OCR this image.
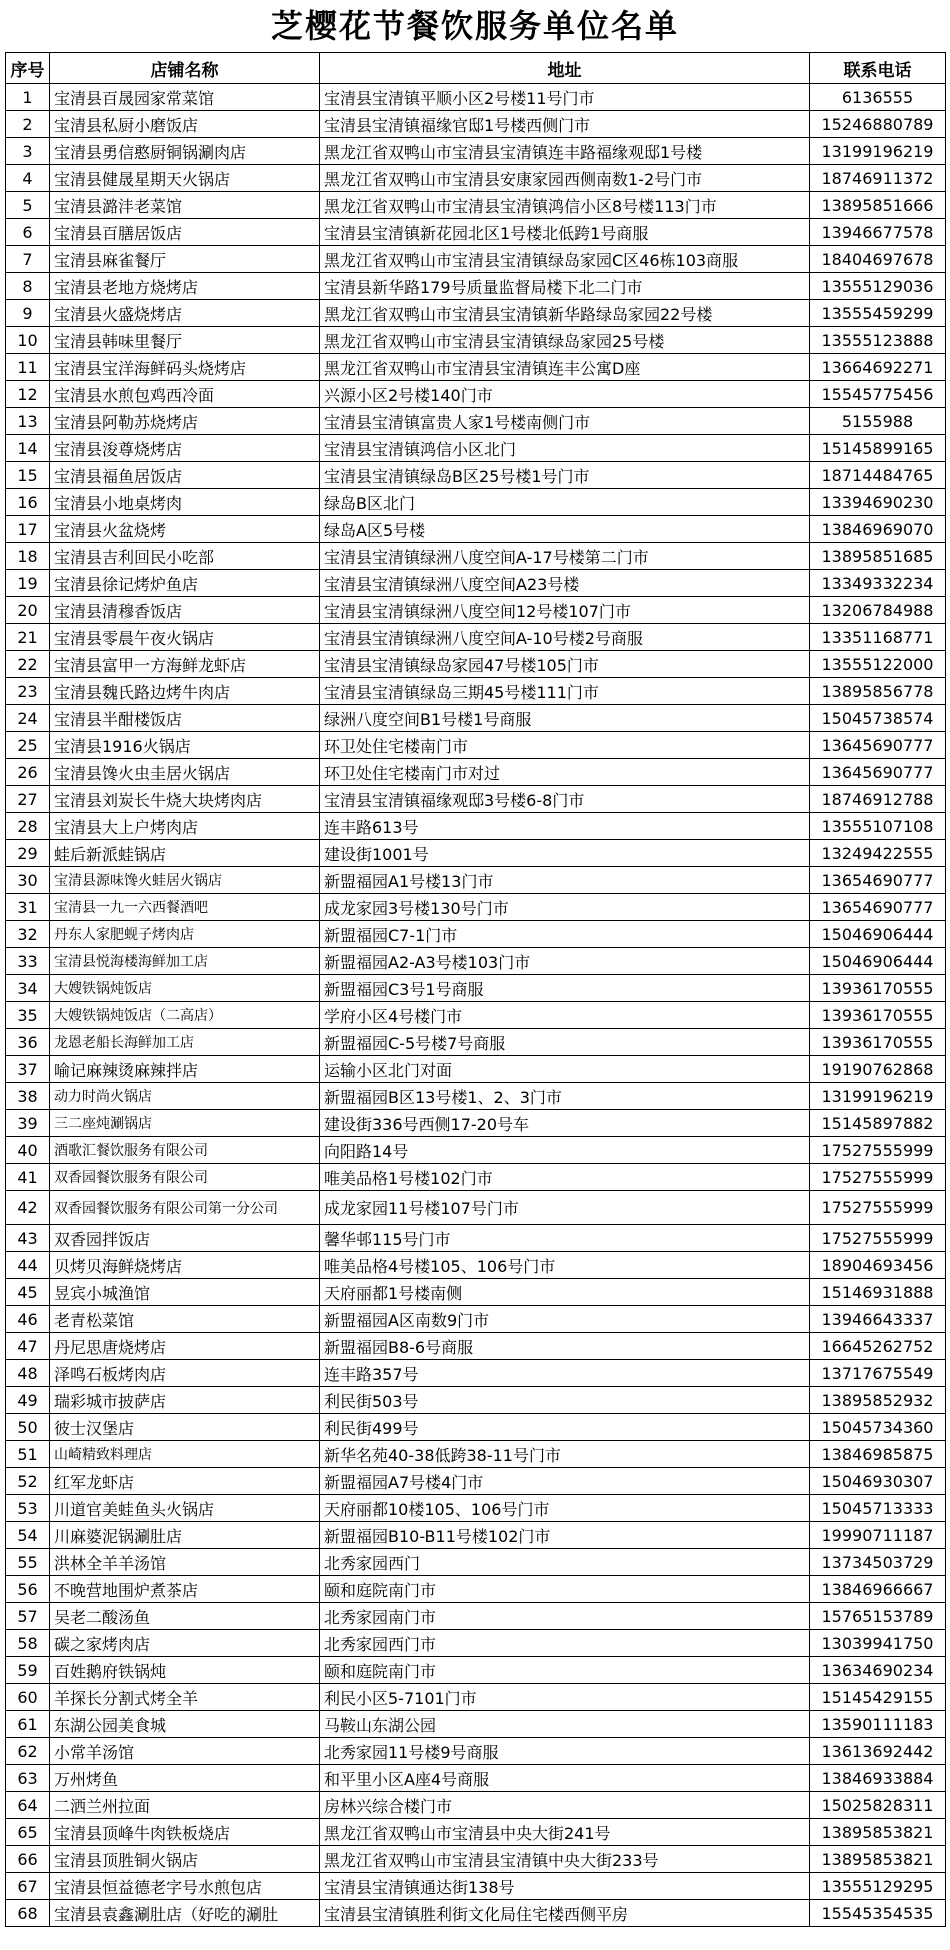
芝樱花节餐饮服务单位名单
序号	店铺名称	地址	联系电话
1	宝清县百晟园家常菜馆	宝清县宝清镇平顺小区2号楼11号门市	6136555
2	宝清县私厨小磨饭店	宝清县宝清镇福缘官邸1号楼西侧门市	15246880789
3	宝清县勇信憨厨铜锅涮肉店	黑龙江省双鸭山市宝清县宝清镇连丰路福缘观邸1号楼	13199196219
4	宝清县健晟星期天火锅店	黑龙江省双鸭山市宝清县安康家园西侧南数1-2号门市	18746911372
5	宝清县潞沣老菜馆	黑龙江省双鸭山市宝清县宝清镇鸿信小区8号楼113门市	13895851666
6	宝清县百膳居饭店	宝清县宝清镇新花园北区1号楼北低跨1号商服	13946677578
7	宝清县麻雀餐厅	黑龙江省双鸭山市宝清县宝清镇绿岛家园C区46栋103商服	18404697678
8	宝清县老地方烧烤店	宝清县新华路179号质量监督局楼下北二门市	13555129036
9	宝清县火盛烧烤店	黑龙江省双鸭山市宝清县宝清镇新华路绿岛家园22号楼	13555459299
10	宝清县韩味里餐厅	黑龙江省双鸭山市宝清县宝清镇绿岛家园25号楼	13555123888
11	宝清县宝洋海鲜码头烧烤店	黑龙江省双鸭山市宝清县宝清镇连丰公寓D座	13664692271
12	宝清县水煎包鸡西冷面	兴源小区2号楼140门市	15545775456
13	宝清县阿勒苏烧烤店	宝清县宝清镇富贵人家1号楼南侧门市	5155988
14	宝清县浚尊烧烤店	宝清县宝清镇鸿信小区北门	15145899165
15	宝清县福鱼居饭店	宝清县宝清镇绿岛B区25号楼1号门市	18714484765
16	宝清县小地桌烤肉	绿岛B区北门	13394690230
17	宝清县火盆烧烤	绿岛A区5号楼	13846969070
18	宝清县吉利回民小吃部	宝清县宝清镇绿洲八度空间A-17号楼第二门市	13895851685
19	宝清县徐记烤炉鱼店	宝清县宝清镇绿洲八度空间A23号楼	13349332234
20	宝清县清穆香饭店	宝清县宝清镇绿洲八度空间12号楼107门市	13206784988
21	宝清县零晨午夜火锅店	宝清县宝清镇绿洲八度空间A-10号楼2号商服	13351168771
22	宝清县富甲一方海鲜龙虾店	宝清县宝清镇绿岛家园47号楼105门市	13555122000
23	宝清县魏氏路边烤牛肉店	宝清县宝清镇绿岛三期45号楼111门市	13895856778
24	宝清县半酣楼饭店	绿洲八度空间B1号楼1号商服	15045738574
25	宝清县1916火锅店	环卫处住宅楼南门市	13645690777
26	宝清县馋火虫圭居火锅店	环卫处住宅楼南门市对过	13645690777
27	宝清县刘炭长牛烧大块烤肉店	宝清县宝清镇福缘观邸3号楼6-8门市	18746912788
28	宝清县大上户烤肉店	连丰路613号	13555107108
29	蛙后新派蛙锅店	建设街1001号	13249422555
30	宝清县源味馋火蛙居火锅店	新盟福园A1号楼13门市	13654690777
31	宝清县一九一六西餐酒吧	成龙家园3号楼130号门市	13654690777
32	丹东人家肥蚬子烤肉店	新盟福园C7-1门市	15046906444
33	宝清县悦海楼海鲜加工店	新盟福园A2-A3号楼103门市	15046906444
34	大嫂铁锅炖饭店	新盟福园C3号1号商服	13936170555
35	大嫂铁锅炖饭店（二高店）	学府小区4号楼门市	13936170555
36	龙恩老船长海鲜加工店	新盟福园C-5号楼7号商服	13936170555
37	喻记麻辣烫麻辣拌店	运输小区北门对面	19190762868
38	动力时尚火锅店	新盟福园B区13号楼1、2、3门市	13199196219
39	三二座炖涮锅店	建设街336号西侧17-20号车	15145897882
40	酒歌汇餐饮服务有限公司	向阳路14号	17527555999
41	双香园餐饮服务有限公司	唯美品格1号楼102门市	17527555999
42	双香园餐饮服务有限公司第一分公司	成龙家园11号楼107号门市	17527555999
43	双香园拌饭店	馨华邨115号门市	17527555999
44	贝烤贝海鲜烧烤店	唯美品格4号楼105、106号门市	18904693456
45	昱宾小城渔馆	天府丽都1号楼南侧	15146931888
46	老青松菜馆	新盟福园A区南数9门市	13946643337
47	丹尼思唐烧烤店	新盟福园B8-6号商服	16645262752
48	泽鸣石板烤肉店	连丰路357号	13717675549
49	瑞彩城市披萨店	利民街503号	13895852932
50	彼士汉堡店	利民街499号	15045734360
51	山崎精致料理店	新华名苑40-38低跨38-11号门市	13846985875
52	红军龙虾店	新盟福园A7号楼4门市	15046930307
53	川道官美蛙鱼头火锅店	天府丽都10楼105、106号门市	15045713333
54	川麻婆泥锅涮肚店	新盟福园B10-B11号楼102门市	19990711187
55	洪林全羊羊汤馆	北秀家园西门	13734503729
56	不晚营地围炉煮茶店	颐和庭院南门市	13846966667
57	吴老二酸汤鱼	北秀家园南门市	15765153789
58	碳之家烤肉店	北秀家园西门市	13039941750
59	百姓鹅府铁锅炖	颐和庭院南门市	13634690234
60	羊探长分割式烤全羊	利民小区5-7101门市	15145429155
61	东湖公园美食城	马鞍山东湖公园	13590111183
62	小常羊汤馆	北秀家园11号楼9号商服	13613692442
63	万州烤鱼	和平里小区A座4号商服	13846933884
64	二洒兰州拉面	房林兴综合楼门市	15025828311
65	宝清县顶峰牛肉铁板烧店	黑龙江省双鸭山市宝清县中央大街241号	13895853821
66	宝清县顶胜铜火锅店	黑龙江省双鸭山市宝清县宝清镇中央大街233号	13895853821
67	宝清县恒益德老字号水煎包店	宝清县宝清镇通达街138号	13555129295
68	宝清县袁鑫涮肚店（好吃的涮肚	宝清县宝清镇胜利街文化局住宅楼西侧平房	15545354535
